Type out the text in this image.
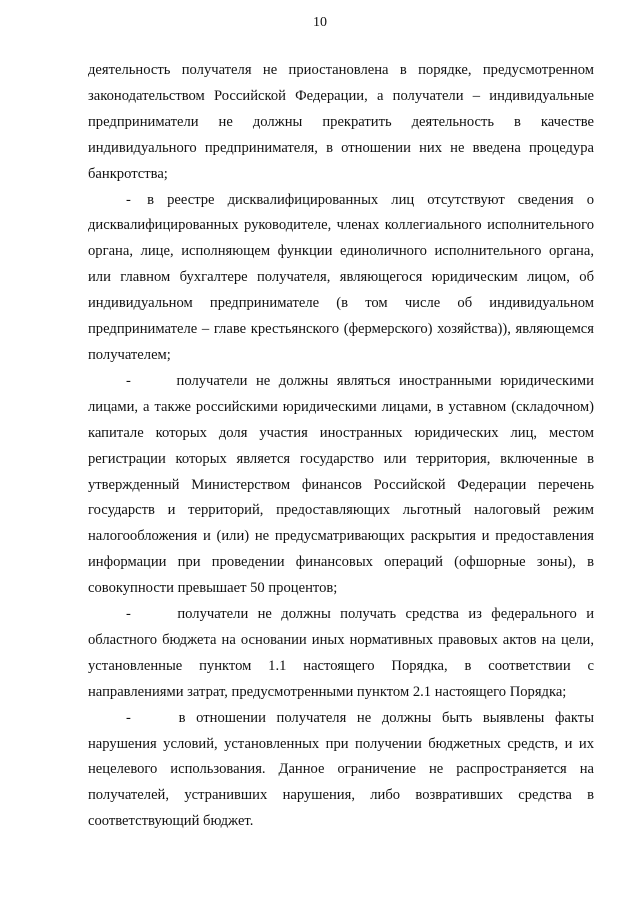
10

деятельность получателя не приостановлена в порядке, предусмотренном законодательством Российской Федерации, а получатели – индивидуальные предприниматели не должны прекратить деятельность в качестве индивидуального предпринимателя, в отношении них не введена процедура банкротства;

- в реестре дисквалифицированных лиц отсутствуют сведения о дисквалифицированных руководителе, членах коллегиального исполнительного органа, лице, исполняющем функции единоличного исполнительного органа, или главном бухгалтере получателя, являющегося юридическим лицом, об индивидуальном предпринимателе (в том числе об индивидуальном предпринимателе – главе крестьянского (фермерского) хозяйства)), являющемся получателем;

-	получатели не должны являться иностранными юридическими лицами, а также российскими юридическими лицами, в уставном (складочном) капитале которых доля участия иностранных юридических лиц, местом регистрации которых является государство или территория, включенные в утвержденный Министерством финансов Российской Федерации перечень государств и территорий, предоставляющих льготный налоговый режим налогообложения и (или) не предусматривающих раскрытия и предоставления информации при проведении финансовых операций (офшорные зоны), в совокупности превышает 50 процентов;

-	получатели не должны получать средства из федерального и областного бюджета на основании иных нормативных правовых актов на цели, установленные пунктом 1.1 настоящего Порядка, в соответствии с направлениями затрат, предусмотренными пунктом 2.1 настоящего Порядка;

-	в отношении получателя не должны быть выявлены факты нарушения условий, установленных при получении бюджетных средств, и их нецелевого использования. Данное ограничение не распространяется на получателей, устранивших нарушения, либо возвративших средства в соответствующий бюджет.
